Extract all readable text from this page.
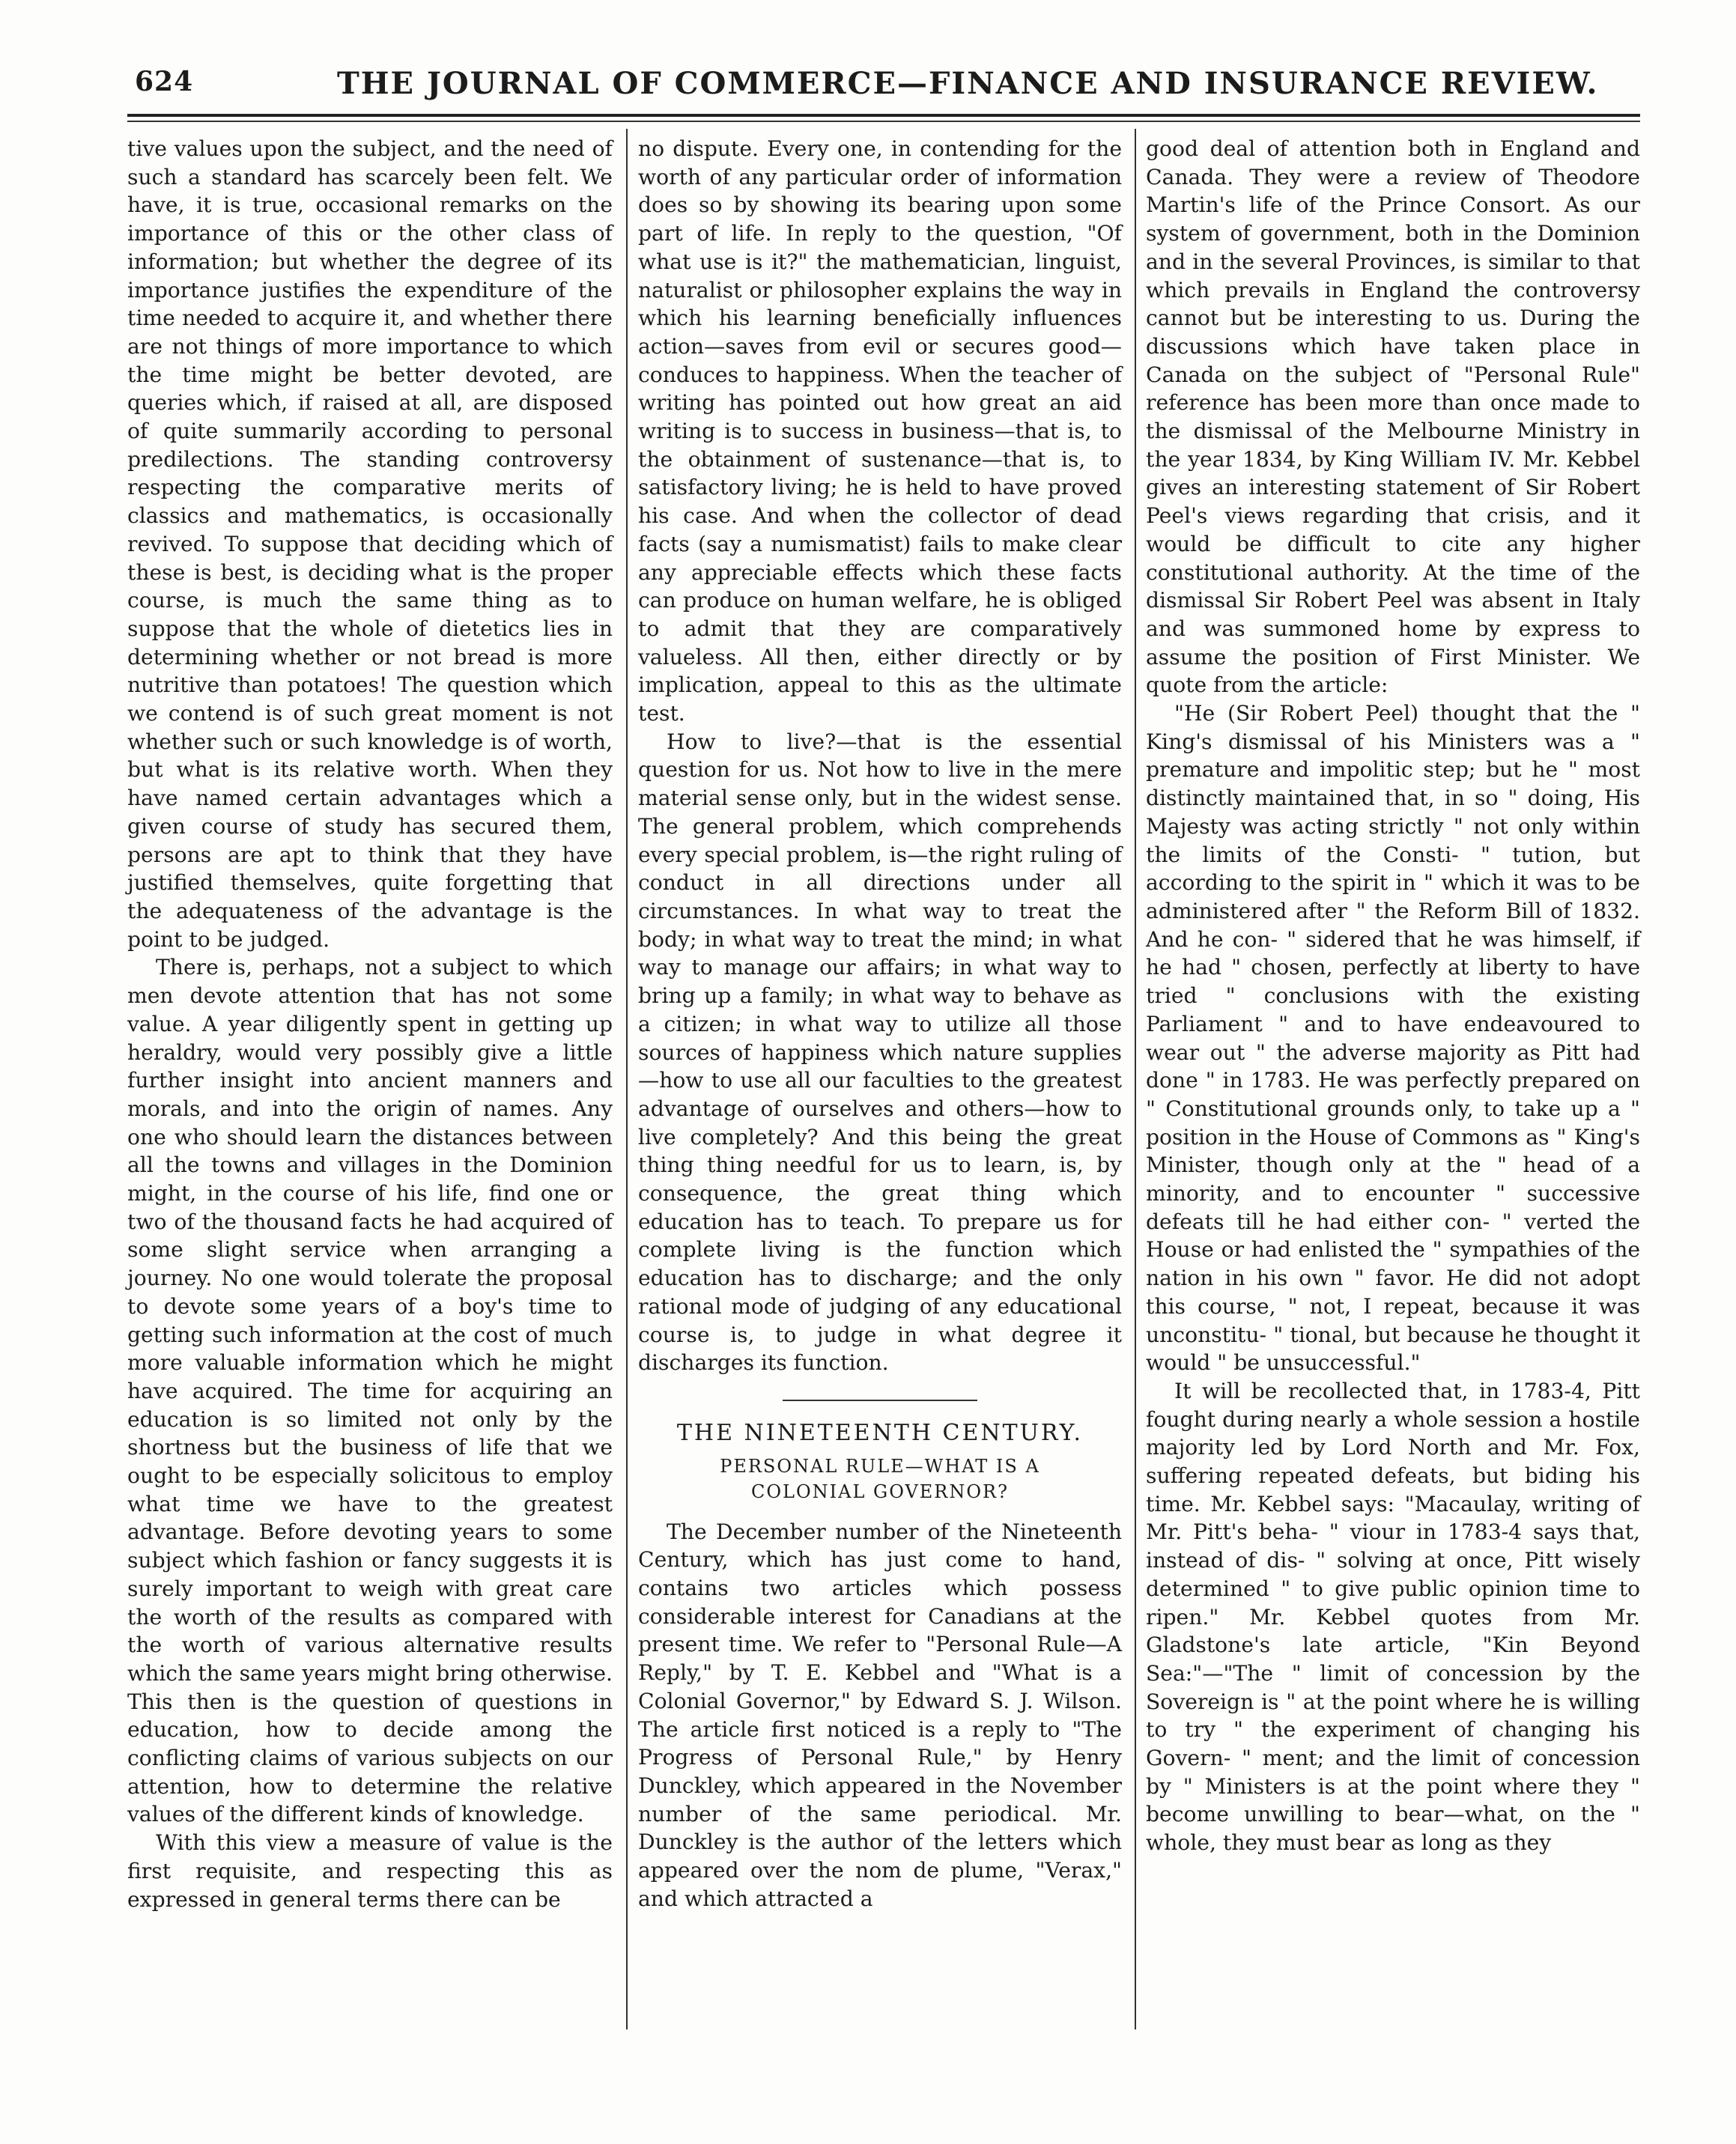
624	THE JOURNAL OF COMMERCE—FINANCE AND INSURANCE REVIEW.

tive values upon the subject, and the need of such a standard has scarcely been felt. We have, it is true, occasional remarks on the importance of this or the other class of information; but whether the degree of its importance justifies the expenditure of the time needed to acquire it, and whether there are not things of more importance to which the time might be better devoted, are queries which, if raised at all, are disposed of quite summarily according to personal predilections. The standing controversy respecting the comparative merits of classics and mathematics, is occasionally revived. To suppose that deciding which of these is best, is deciding what is the proper course, is much the same thing as to suppose that the whole of dietetics lies in determining whether or not bread is more nutritive than potatoes! The question which we contend is of such great moment is not whether such or such knowledge is of worth, but what is its relative worth. When they have named certain advantages which a given course of study has secured them, persons are apt to think that they have justified themselves, quite forgetting that the adequateness of the advantage is the point to be judged.

There is, perhaps, not a subject to which men devote attention that has not some value. A year diligently spent in getting up heraldry, would very possibly give a little further insight into ancient manners and morals, and into the origin of names. Any one who should learn the distances between all the towns and villages in the Dominion might, in the course of his life, find one or two of the thousand facts he had acquired of some slight service when arranging a journey. No one would tolerate the proposal to devote some years of a boy's time to getting such information at the cost of much more valuable information which he might have acquired. The time for acquiring an education is so limited not only by the shortness but the business of life that we ought to be especially solicitous to employ what time we have to the greatest advantage. Before devoting years to some subject which fashion or fancy suggests it is surely important to weigh with great care the worth of the results as compared with the worth of various alternative results which the same years might bring otherwise. This then is the question of questions in education, how to decide among the conflicting claims of various subjects on our attention, how to determine the relative values of the different kinds of knowledge.

With this view a measure of value is the first requisite, and respecting this as expressed in general terms there can be

no dispute. Every one, in contending for the worth of any particular order of information does so by showing its bearing upon some part of life. In reply to the question, "Of what use is it?" the mathematician, linguist, naturalist or philosopher explains the way in which his learning beneficially influences action—saves from evil or secures good—conduces to happiness. When the teacher of writing has pointed out how great an aid writing is to success in business—that is, to the obtainment of sustenance—that is, to satisfactory living; he is held to have proved his case. And when the collector of dead facts (say a numismatist) fails to make clear any appreciable effects which these facts can produce on human welfare, he is obliged to admit that they are comparatively valueless. All then, either directly or by implication, appeal to this as the ultimate test.

How to live?—that is the essential question for us. Not how to live in the mere material sense only, but in the widest sense. The general problem, which comprehends every special problem, is—the right ruling of conduct in all directions under all circumstances. In what way to treat the body; in what way to treat the mind; in what way to manage our affairs; in what way to bring up a family; in what way to behave as a citizen; in what way to utilize all those sources of happiness which nature supplies—how to use all our faculties to the greatest advantage of ourselves and others—how to live completely? And this being the great thing thing needful for us to learn, is, by consequence, the great thing which education has to teach. To prepare us for complete living is the function which education has to discharge; and the only rational mode of judging of any educational course is, to judge in what degree it discharges its function.

THE NINETEENTH CENTURY.
PERSONAL RULE—WHAT IS A COLONIAL GOVERNOR?

The December number of the Nineteenth Century, which has just come to hand, contains two articles which possess considerable interest for Canadians at the present time. We refer to "Personal Rule—A Reply," by T. E. Kebbel and "What is a Colonial Governor," by Edward S. J. Wilson. The article first noticed is a reply to "The Progress of Personal Rule," by Henry Dunckley, which appeared in the November number of the same periodical. Mr. Dunckley is the author of the letters which appeared over the nom de plume, "Verax," and which attracted a

good deal of attention both in England and Canada. They were a review of Theodore Martin's life of the Prince Consort. As our system of government, both in the Dominion and in the several Provinces, is similar to that which prevails in England the controversy cannot but be interesting to us. During the discussions which have taken place in Canada on the subject of "Personal Rule" reference has been more than once made to the dismissal of the Melbourne Ministry in the year 1834, by King William IV. Mr. Kebbel gives an interesting statement of Sir Robert Peel's views regarding that crisis, and it would be difficult to cite any higher constitutional authority. At the time of the dismissal Sir Robert Peel was absent in Italy and was summoned home by express to assume the position of First Minister. We quote from the article:

"He (Sir Robert Peel) thought that the " King's dismissal of his Ministers was a " premature and impolitic step; but he " most distinctly maintained that, in so " doing, His Majesty was acting strictly " not only within the limits of the Consti- " tution, but according to the spirit in " which it was to be administered after " the Reform Bill of 1832. And he con- " sidered that he was himself, if he had " chosen, perfectly at liberty to have tried " conclusions with the existing Parliament " and to have endeavoured to wear out " the adverse majority as Pitt had done " in 1783. He was perfectly prepared on " Constitutional grounds only, to take up a " position in the House of Commons as " King's Minister, though only at the " head of a minority, and to encounter " successive defeats till he had either con- " verted the House or had enlisted the " sympathies of the nation in his own " favor. He did not adopt this course, " not, I repeat, because it was unconstitu- " tional, but because he thought it would " be unsuccessful."

It will be recollected that, in 1783-4, Pitt fought during nearly a whole session a hostile majority led by Lord North and Mr. Fox, suffering repeated defeats, but biding his time. Mr. Kebbel says: "Macaulay, writing of Mr. Pitt's beha- " viour in 1783-4 says that, instead of dis- " solving at once, Pitt wisely determined " to give public opinion time to ripen." Mr. Kebbel quotes from Mr. Gladstone's late article, "Kin Beyond Sea:"—"The " limit of concession by the Sovereign is " at the point where he is willing to try " the experiment of changing his Govern- " ment; and the limit of concession by " Ministers is at the point where they " become unwilling to bear—what, on the " whole, they must bear as long as they
